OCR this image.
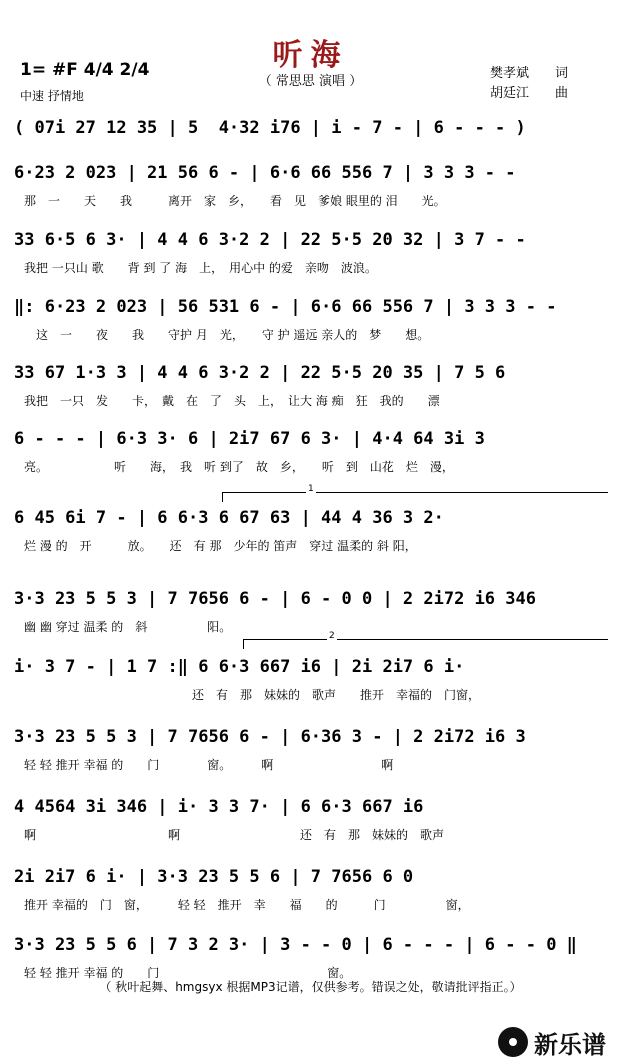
听海
（ 常思思 演唱 ）
1= #F 4/4 2/4
中速 抒情地
樊孝斌　　词
胡廷江　　曲
( 07i 27 12 35 | 5  4·32 i76 | i - 7 - | 6 - - - )
6·23 2 023 | 21 56 6 - | 6·6 66 556 7 | 3 3 3 - -
那　一　　天　　我　　　离开　家　乡，　　看　见　爹娘 眼里的 泪　　光。
33 6·5 6 3· | 4 4 6 3·2 2 | 22 5·5 20 32 | 3 7 - -
我把 一只山 歌　　背 到 了 海　上，　用心中 的爱　亲吻　波浪。
‖: 6·23 2 023 | 56 531 6 - | 6·6 66 556 7 | 3 3 3 - -
　这　一　　夜　　我　　守护 月　光，　　守 护 遥远 亲人的　梦　　想。
33 67 1·3 3 | 4 4 6 3·2 2 | 22 5·5 20 35 | 7 5 6
我把　一只　发　　卡，　戴　在　了　头　上，　让大 海 痴　狂　我的　　漂
6 - - - | 6·3 3· 6 | 2i7 67 6 3· | 4·4 64 3i 3
亮。　　　　　　听　　海，　我　听 到了　故　乡，　　听　到　山花　烂　漫，
6 45 6i 7 - | 6 6·3 6 67 63 | 44 4 36 3 2·
烂 漫 的　开　　　放。　　还　有 那　少年的 笛声　穿过 温柔的 斜 阳，
3·3 23 5 5 3 | 7 7656 6 - | 6 - 0 0 | 2 2i72 i6 346
幽 幽 穿过 温柔 的　斜　　　　　阳。
i· 3 7 - | 1 7 :‖ 6 6·3 667 i6 | 2i 2i7 6 i·
　　　　　　　　　　　　　　还　有　那　妹妹的　歌声　　推开　幸福的　门窗，
3·3 23 5 5 3 | 7 7656 6 - | 6·36 3 - | 2 2i72 i6 3
轻 轻 推开 幸福 的　　门　　　　窗。　　　啊　　　　　　　　　啊
4 4564 3i 346 | i· 3 3 7· | 6 6·3 667 i6
啊　　　　　　　　　　　啊　　　　　　　　　　还　有　那　妹妹的　歌声
2i 2i7 6 i· | 3·3 23 5 5 6 | 7 7656 6 0
推开 幸福的　门　窗，　　　轻 轻　推开　幸　　福　　的　　　门　　　　　窗，
3·3 23 5 5 6 | 7 3 2 3· | 3 - - 0 | 6 - - - | 6 - - 0 ‖
轻 轻 推开 幸福 的　　门　　　　　　　　　　　　　　窗。
1
2
（ 秋叶起舞、hmgsyx 根据MP3记谱，仅供参考。错误之处，敬请批评指正。）
新乐谱
